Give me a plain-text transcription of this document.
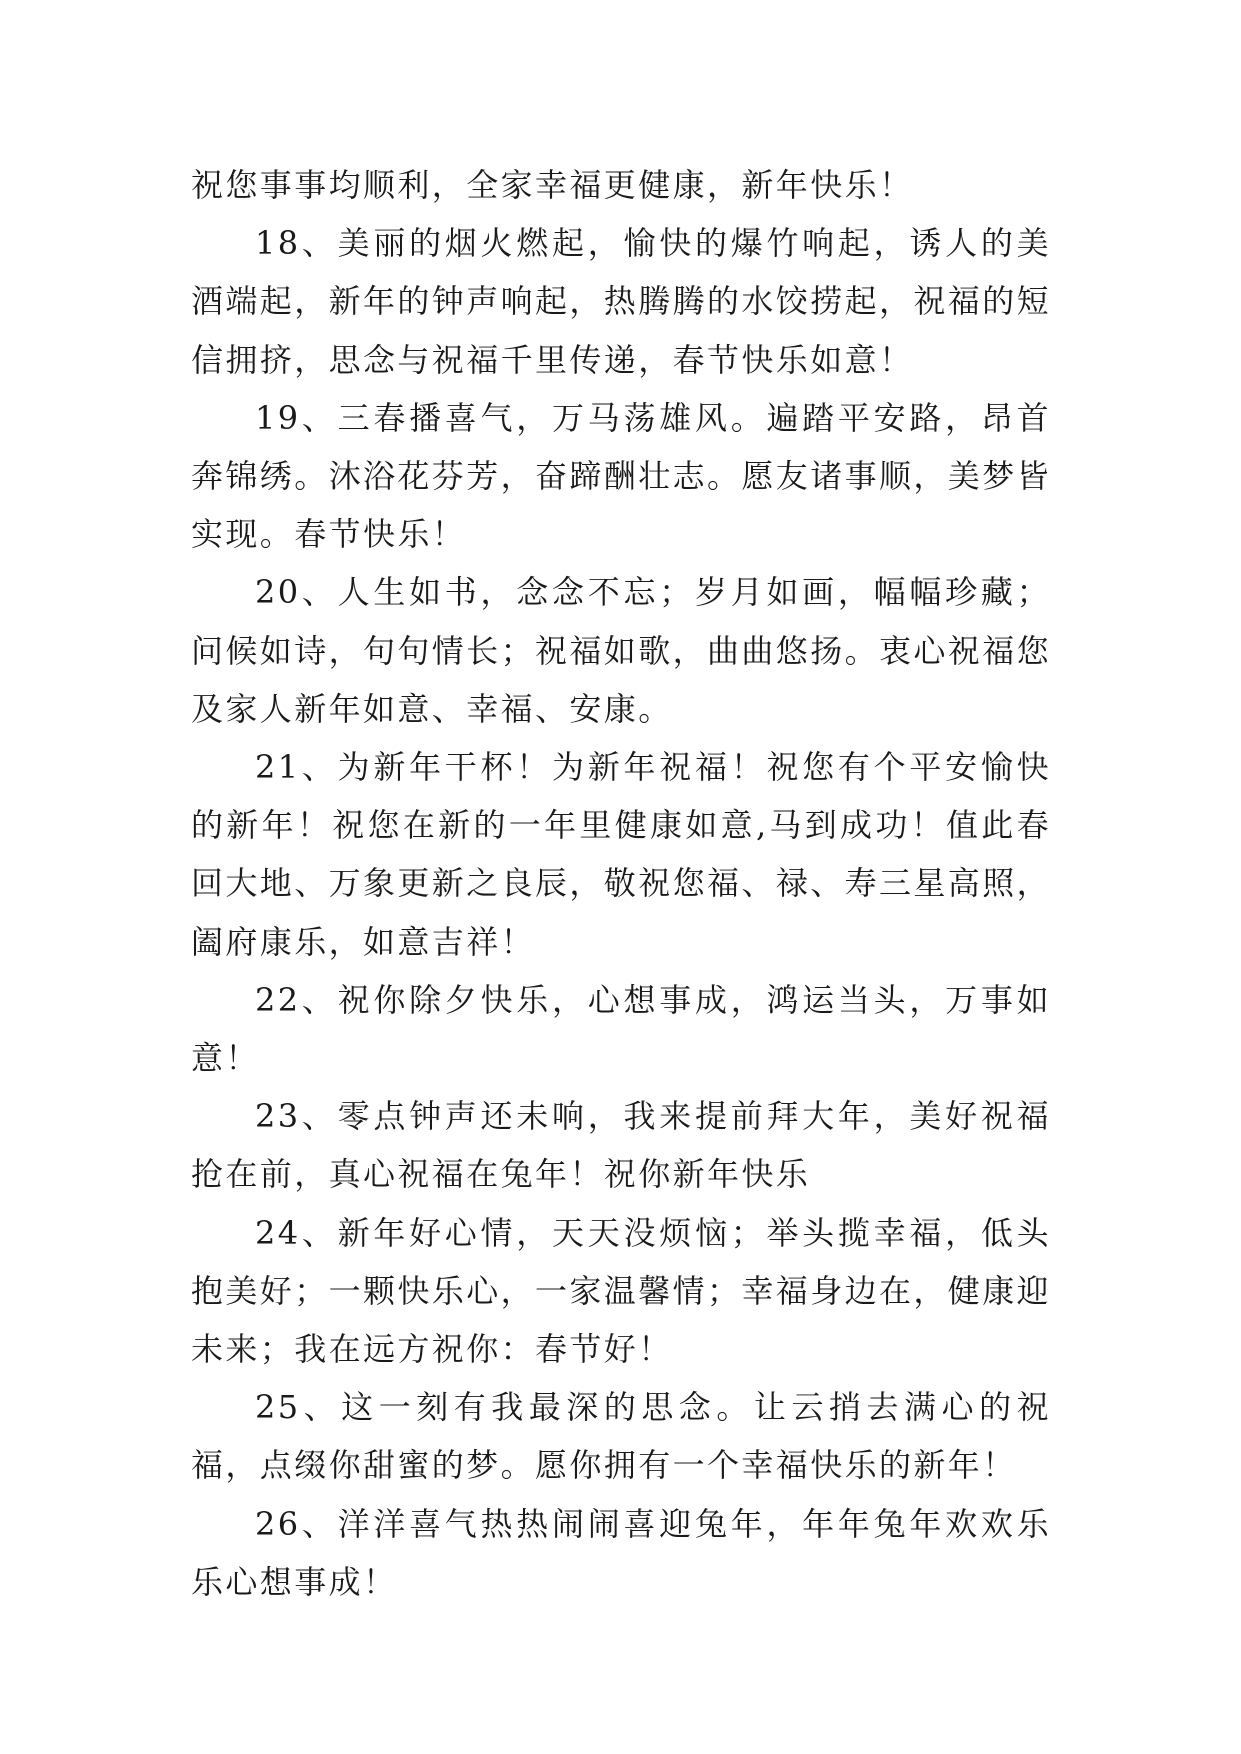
祝您事事均顺利，全家幸福更健康，新年快乐！

18、美丽的烟火燃起，愉快的爆竹响起，诱人的美酒端起，新年的钟声响起，热腾腾的水饺捞起，祝福的短信拥挤，思念与祝福千里传递，春节快乐如意！

19、三春播喜气，万马荡雄风。遍踏平安路，昂首奔锦绣。沐浴花芬芳，奋蹄酬壮志。愿友诸事顺，美梦皆实现。春节快乐！

20、人生如书，念念不忘；岁月如画，幅幅珍藏；问候如诗，句句情长；祝福如歌，曲曲悠扬。衷心祝福您及家人新年如意、幸福、安康。

21、为新年干杯！为新年祝福！祝您有个平安愉快的新年！祝您在新的一年里健康如意,马到成功！值此春回大地、万象更新之良辰，敬祝您福、禄、寿三星高照，阖府康乐，如意吉祥！

22、祝你除夕快乐，心想事成，鸿运当头，万事如意！

23、零点钟声还未响，我来提前拜大年，美好祝福抢在前，真心祝福在兔年！祝你新年快乐

24、新年好心情，天天没烦恼；举头揽幸福，低头抱美好；一颗快乐心，一家温馨情；幸福身边在，健康迎未来；我在远方祝你：春节好！

25、这一刻有我最深的思念。让云捎去满心的祝福，点缀你甜蜜的梦。愿你拥有一个幸福快乐的新年！

26、洋洋喜气热热闹闹喜迎兔年，年年兔年欢欢乐乐心想事成！
